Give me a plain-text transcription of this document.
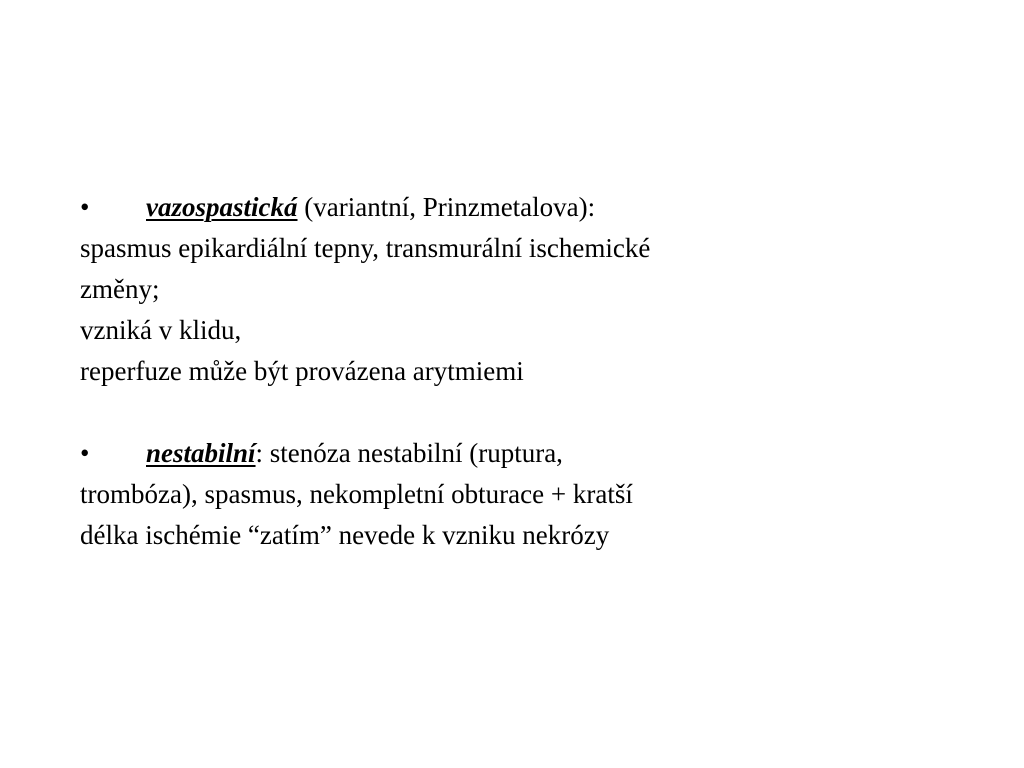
•	vazospastická (variantní, Prinzmetalova):
spasmus epikardiální tepny, transmurální ischemické
změny;
vzniká v klidu,
reperfuze může být provázena arytmiemi
•	nestabilní: stenóza nestabilní (ruptura,
trombóza), spasmus, nekompletní obturace + kratší
délka ischémie “zatím” nevede k vzniku nekrózy
